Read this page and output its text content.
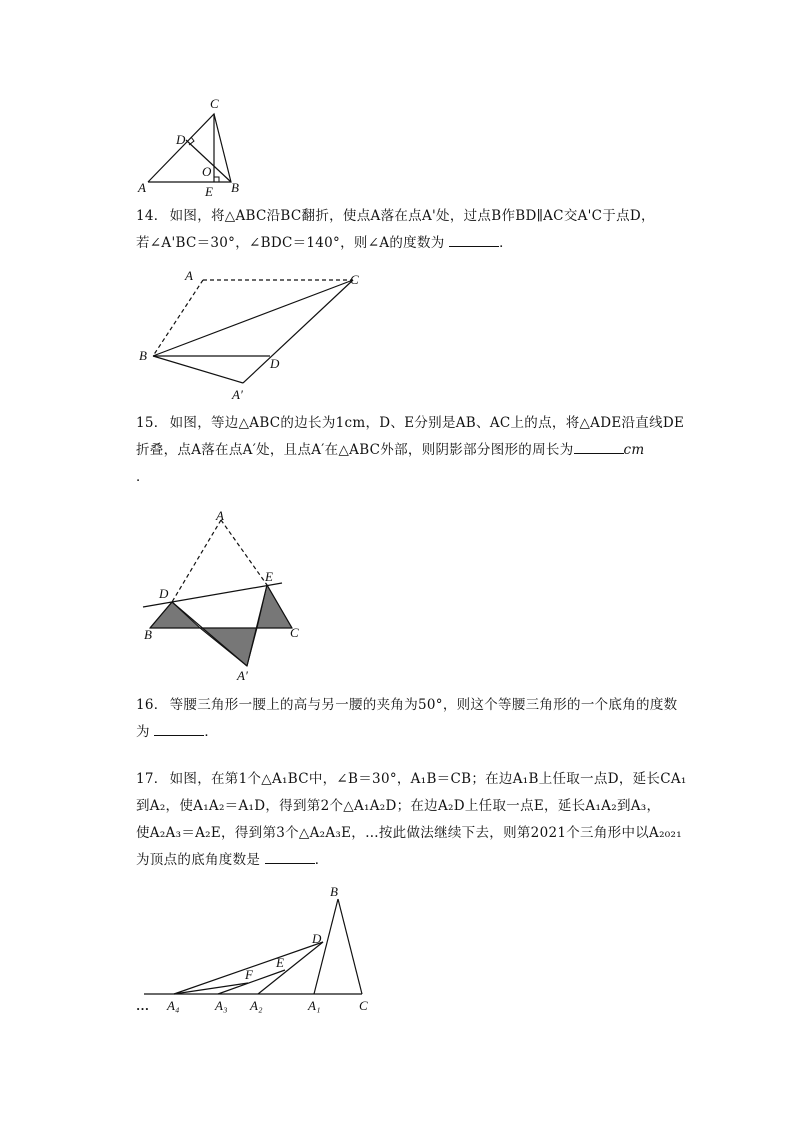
C
D
O
A	E B
14． 如图，将△ABC沿BC翻折，使点A落在点A'处，过点B作BD∥AC交A'C于点D，
若∠A'BC＝30°，∠BDC＝140°，则∠A的度数为	．
A	C
B
D
A′
15． 如图，等边△ABC的边长为1cm，D、E分别是AB、AC上的点，将△ADE沿直线DE
折叠，点A落在点A′处，且点A′在△ABC外部，则阴影部分图形的周长为	cm
．
A
D
E
B	C
A′
16． 等腰三角形一腰上的高与另一腰的夹角为50°，则这个等腰三角形的一个底角的度数
为	．
17． 如图，在第1个△A₁BC中，∠B＝30°，A₁B＝CB；在边A₁B上任取一点D，延长CA₁
到A₂，使A₁A₂＝A₁D，得到第2个△A₁A₂D；在边A₂D上任取一点E，延长A₁A₂到A₃，
使A₂A₃＝A₂E，得到第3个△A₂A₃E，…按此做法继续下去，则第2021个三角形中以A₂₀₂₁
为顶点的底角度数是	．
B
D
E
F
… A₄	A₃ A₂	A₁	C
